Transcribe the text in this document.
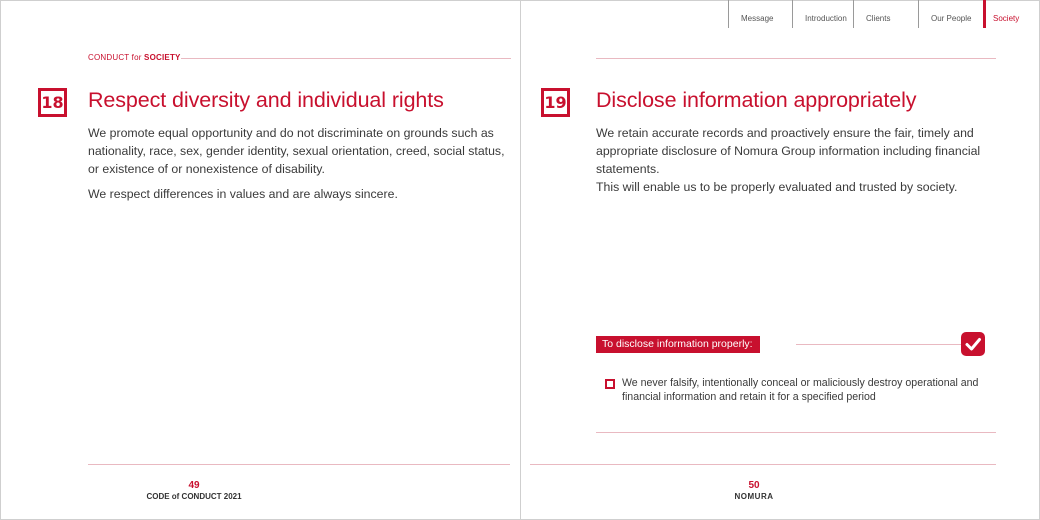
Message	Introduction	Clients	Our People	Society
CONDUCT for SOCIETY
18 Respect diversity and individual rights

We promote equal opportunity and do not discriminate on grounds such as nationality, race, sex, gender identity, sexual orientation, creed, social status, or existence of or nonexistence of disability.

We respect differences in values and are always sincere.

19 Disclose information appropriately

We retain accurate records and proactively ensure the fair, timely and appropriate disclosure of Nomura Group information including financial statements.

This will enable us to be properly evaluated and trusted by society.

To disclose information properly:
We never falsify, intentionally conceal or maliciously destroy operational and financial information and retain it for a specified period
49
CODE of CONDUCT 2021
50
NOMURA
